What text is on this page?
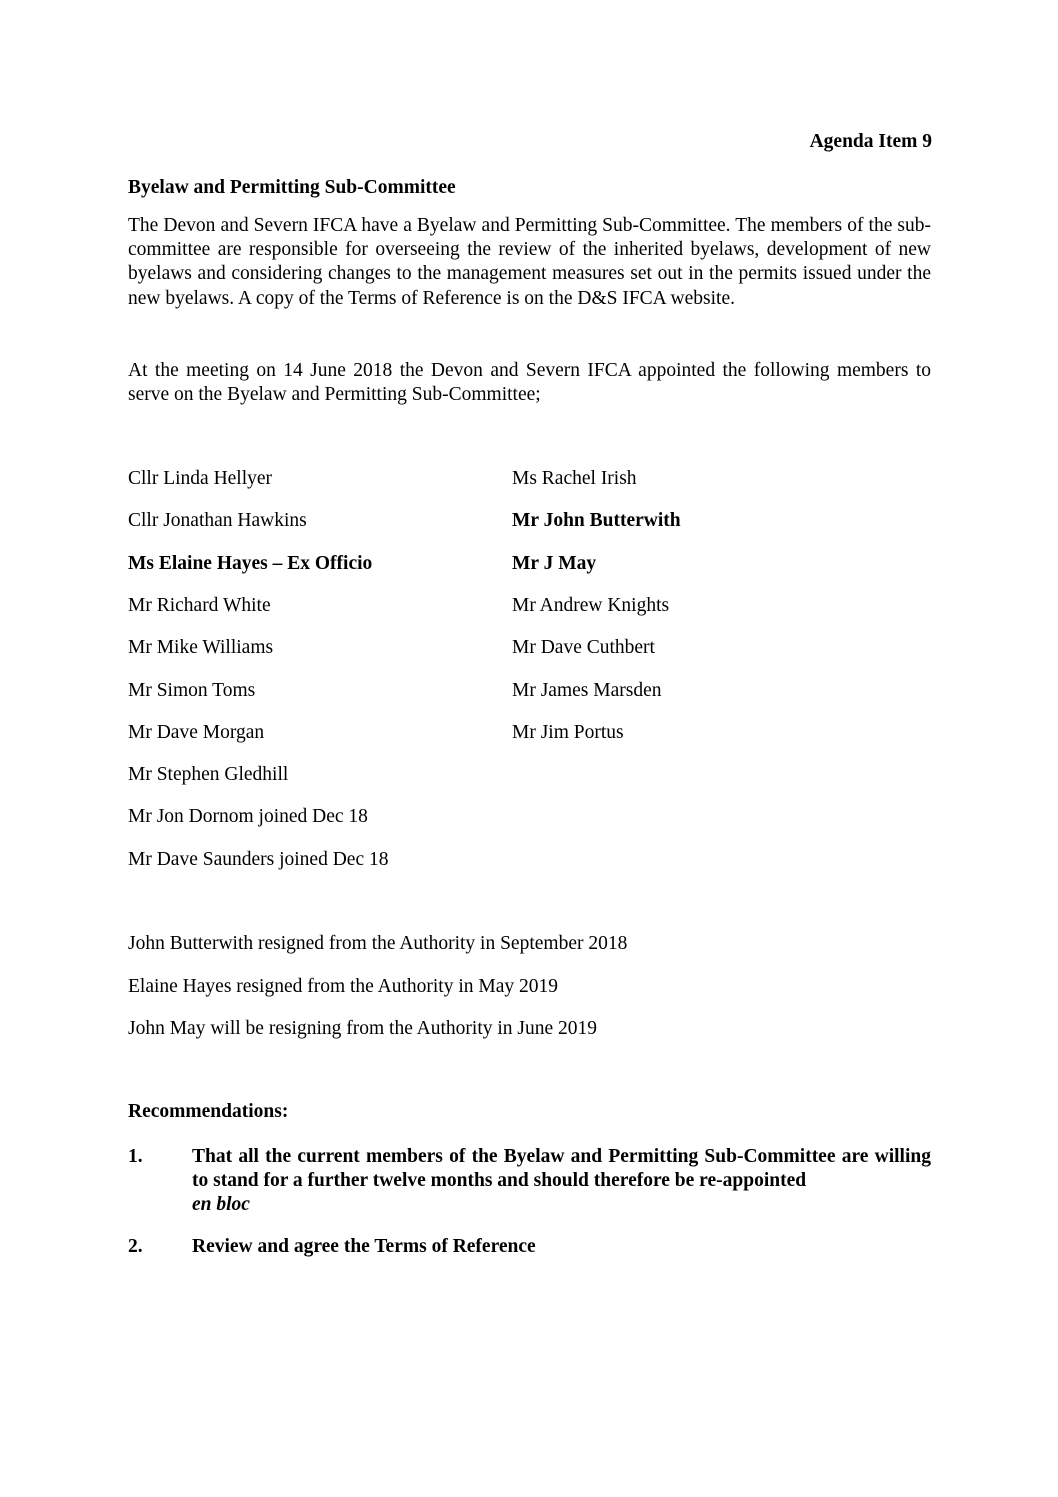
Agenda Item 9
Byelaw and Permitting Sub-Committee
The Devon and Severn IFCA have a Byelaw and Permitting Sub-Committee. The members of the sub-committee are responsible for overseeing the review of the inherited byelaws, development of new byelaws and considering changes to the management measures set out in the permits issued under the new byelaws. A copy of the Terms of Reference is on the D&S IFCA website.
At the meeting on 14 June 2018 the Devon and Severn IFCA appointed the following members to serve on the Byelaw and Permitting Sub-Committee;
Cllr Linda Hellyer
Cllr Jonathan Hawkins
Ms Elaine Hayes – Ex Officio
Mr Richard White
Mr Mike Williams
Mr Simon Toms
Mr Dave Morgan
Mr Stephen Gledhill
Mr Jon Dornom joined Dec 18
Mr Dave Saunders joined Dec 18
Ms Rachel Irish
Mr John Butterwith
Mr J May
Mr Andrew Knights
Mr Dave Cuthbert
Mr James Marsden
Mr Jim Portus
John Butterwith resigned from the Authority in September 2018
Elaine Hayes resigned from the Authority in May 2019
John May will be resigning from the Authority in June 2019
Recommendations:
1.	That all the current members of the Byelaw and Permitting Sub-Committee are willing to stand for a further twelve months and should therefore be re-appointed
en bloc
2.	Review and agree the Terms of Reference
